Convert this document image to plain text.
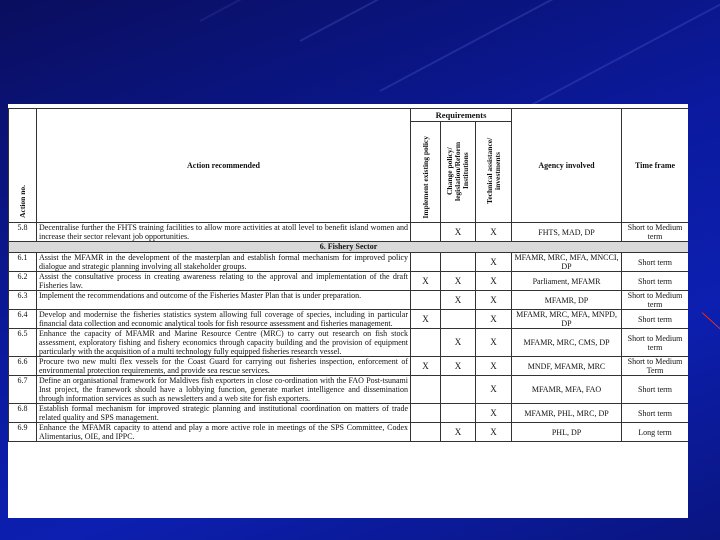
Action no.	Action recommended	Requirements			Agency involved	Time frame
		Implement existing policy	Change policy/ legislation/Reform Institutions	Technical assistance/ investments		
5.8	Decentralise further the FHTS training facilities to allow more activities at atoll level to benefit island women and increase their sector relevant job opportunities.		X	X	FHTS, MAD, DP	Short to Medium term
6. Fishery Sector						
6.1	Assist the MFAMR in the development of the masterplan and establish formal mechanism for improved policy dialogue and strategic planning involving all stakeholder groups.			X	MFAMR, MRC, MFA, MNCCI, DP	Short term
6.2	Assist the consultative process in creating awareness relating to the approval and implementation of the draft Fisheries law.	X	X	X	Parliament, MFAMR	Short term
6.3	Implement the recommendations and outcome of the Fisheries Master Plan that is under preparation.		X	X	MFAMR, DP	Short to Medium term
6.4	Develop and modernise the fisheries statistics system allowing full coverage of species, including in particular financial data collection and economic analytical tools for fish resource assessment and fisheries management.	X		X	MFAMR, MRC, MFA, MNPD, DP	Short term
6.5	Enhance the capacity of MFAMR and Marine Resource Centre (MRC) to carry out research on fish stock assessment, exploratory fishing and fishery economics through capacity building and the provision of equipment particularly with the acquisition of a multi technology fully equipped fisheries research vessel.		X	X	MFAMR, MRC, CMS, DP	Short to Medium term
6.6	Procure two new multi flex vessels for the Coast Guard for carrying out fisheries inspection, enforcement of environmental protection requirements, and provide sea rescue services.	X	X	X	MNDF, MFAMR, MRC	Short to Medium Term
6.7	Define an organisational framework for Maldives fish exporters in close co-ordination with the FAO Post-tsunami Inst project, the framework should have a lobbying function, generate market intelligence and dissemination through information services as such as newsletters and a web site for fish exporters.			X	MFAMR, MFA, FAO	Short term
6.8	Establish formal mechanism for improved strategic planning and institutional coordination on matters of trade related quality and SPS management.			X	MFAMR, PHL, MRC, DP	Short term
6.9	Enhance the MFAMR capacity to attend and play a more active role in meetings of the SPS Committee, Codex Alimentarius, OIE, and IPPC.		X	X	PHL, DP	Long term
